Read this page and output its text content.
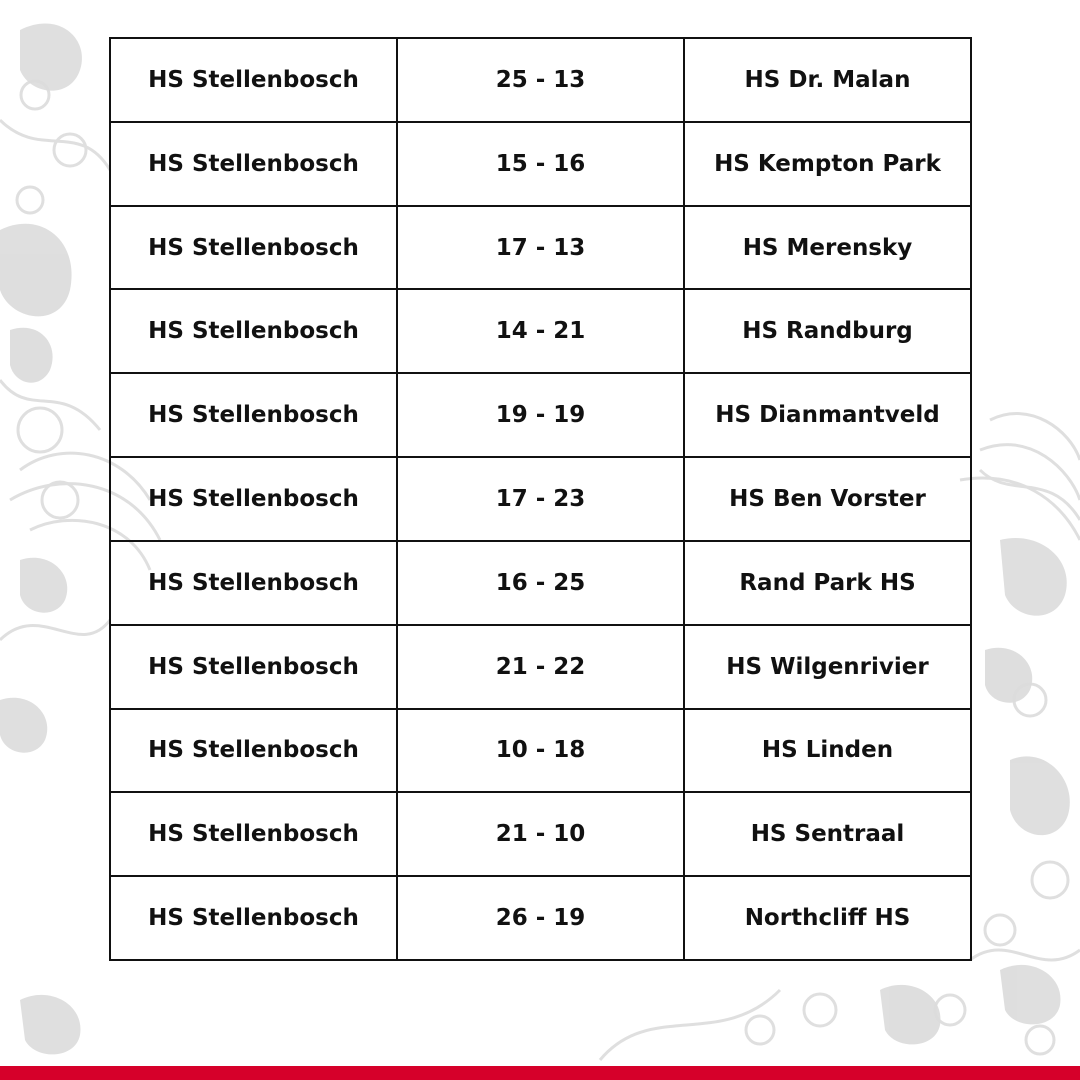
HS Stellenbosch	25 - 13	HS Dr. Malan
HS Stellenbosch	15 - 16	HS Kempton Park
HS Stellenbosch	17 - 13	HS Merensky
HS Stellenbosch	14 - 21	HS Randburg
HS Stellenbosch	19 - 19	HS Dianmantveld
HS Stellenbosch	17 - 23	HS Ben Vorster
HS Stellenbosch	16 - 25	Rand Park HS
HS Stellenbosch	21 - 22	HS Wilgenrivier
HS Stellenbosch	10 - 18	HS Linden
HS Stellenbosch	21 - 10	HS Sentraal
HS Stellenbosch	26 - 19	Northcliff HS
